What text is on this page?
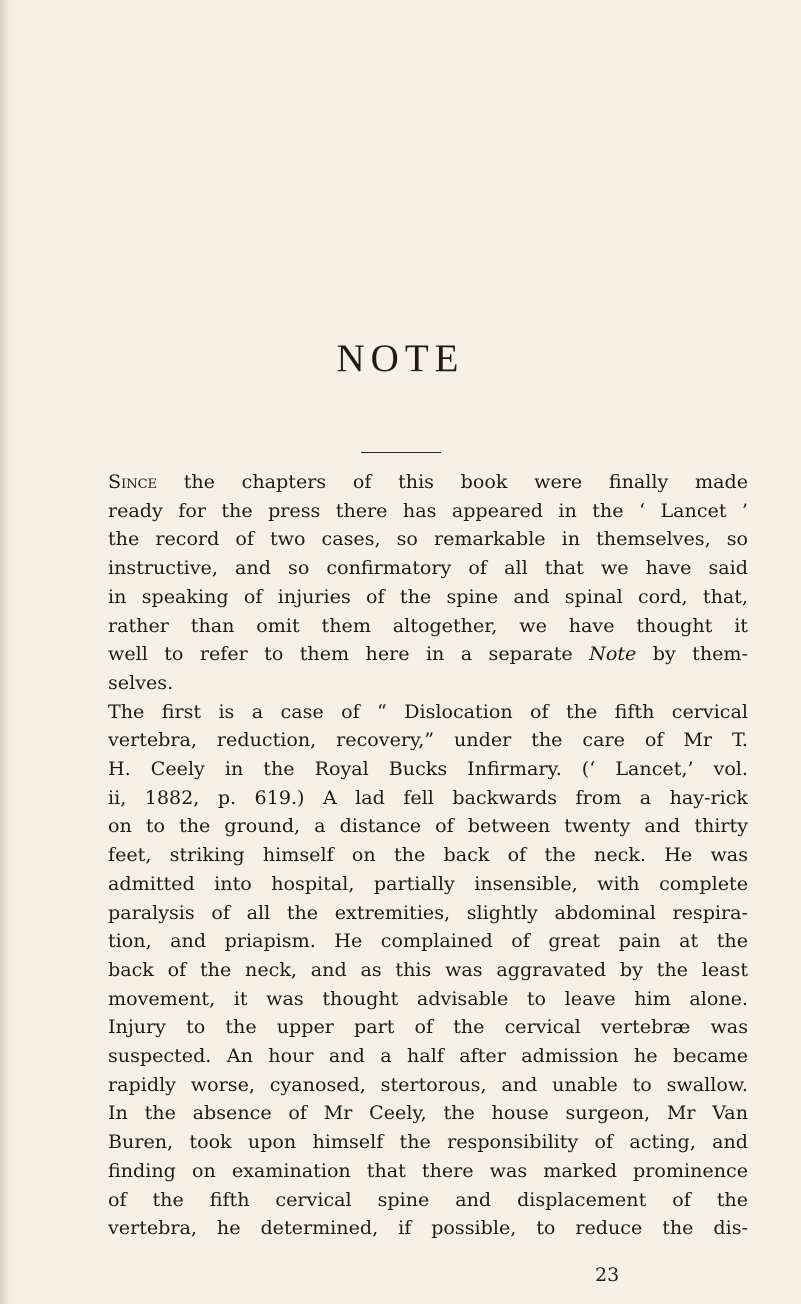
NOTE
Since the chapters of this book were finally made
ready for the press there has appeared in the ‘ Lancet ’
the record of two cases, so remarkable in themselves, so
instructive, and so confirmatory of all that we have said
in speaking of injuries of the spine and spinal cord, that,
rather than omit them altogether, we have thought it
well to refer to them here in a separate Note by them-
selves.
The first is a case of “ Dislocation of the fifth cervical
vertebra, reduction, recovery,” under the care of Mr T.
H. Ceely in the Royal Bucks Infirmary. (‘ Lancet,’ vol.
ii, 1882, p. 619.) A lad fell backwards from a hay-rick
on to the ground, a distance of between twenty and thirty
feet, striking himself on the back of the neck. He was
admitted into hospital, partially insensible, with complete
paralysis of all the extremities, slightly abdominal respira-
tion, and priapism. He complained of great pain at the
back of the neck, and as this was aggravated by the least
movement, it was thought advisable to leave him alone.
Injury to the upper part of the cervical vertebræ was
suspected. An hour and a half after admission he became
rapidly worse, cyanosed, stertorous, and unable to swallow.
In the absence of Mr Ceely, the house surgeon, Mr Van
Buren, took upon himself the responsibility of acting, and
finding on examination that there was marked prominence
of the fifth cervical spine and displacement of the
vertebra, he determined, if possible, to reduce the dis-
23
